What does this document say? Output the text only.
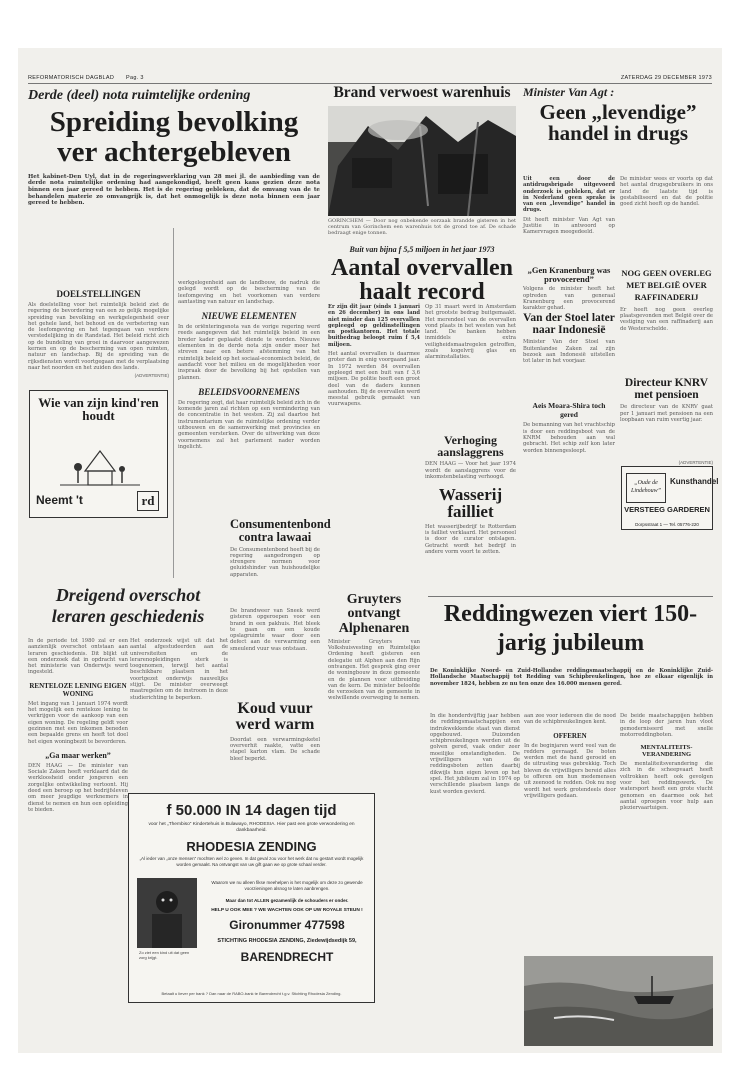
REFORMATORISCH DAGBLAD Pag. 3	ZATERDAG 29 DECEMBER 1973
Derde (deel) nota ruimtelijke ordening
Spreiding bevolking ver achtergebleven
Het kabinet-Den Uyl, dat in de regeringsverklaring van 28 mei jl. de aanbieding van de derde nota ruimtelijke ordening had aangekondigd, heeft geen kans gezien deze nota binnen een jaar gereed te hebben. Het is de regering gebleken, dat de omvang van de te behandelen materie zo omvangrijk is, dat het onmogelijk is deze nota binnen een jaar gereed te hebben.
DOELSTELLINGEN
Als doelstelling voor het ruimtelijk beleid ziet de regering de bevordering van een zo gelijk mogelijke spreiding van bevolking en werkgelegenheid over het gehele land, het behoud en de verbetering van de leefomgeving en het tegengaan van verdere verstedelijking in de Randstad. Het beleid richt zich op de bundeling van groei in daarvoor aangewezen kernen en op de bescherming van open ruimten, natuur en landschap. Bij de spreiding van de rijksdiensten wordt voortgegaan met de verplaatsing naar het noorden en het zuiden des lands.
(ADVERTENTIE)
Wie van zijn kind'ren houdt
Neemt 't	rd
werkgelegenheid aan de landbouw, de nadruk die gelegd wordt op de bescherming van de leefomgeving en het voorkomen van verdere aantasting van natuur en landschap.
NIEUWE ELEMENTEN
In de oriënteringsnota van de vorige regering werd reeds aangegeven dat het ruimtelijk beleid in een breder kader geplaatst diende te worden. Nieuwe elementen in de derde nota zijn onder meer het streven naar een betere afstemming van het ruimtelijk beleid op het sociaal-economisch beleid, de aandacht voor het milieu en de mogelijkheden voor inspraak door de bevolking bij het opstellen van plannen.
BELEIDSVOORNEMENS
De regering zegt, dat haar ruimtelijk beleid zich in de komende jaren zal richten op een vermindering van de concentratie in het westen. Zij zal daartoe het instrumentarium van de ruimtelijke ordening verder uitbouwen en de samenwerking met provincies en gemeenten versterken. Over de uitwerking van deze voornemens zal het parlement nader worden ingelicht.
Brand verwoest warenhuis
GORINCHEM — Door nog onbekende oorzaak brandde gisteren in het centrum van Gorinchem een warenhuis tot de grond toe af. De schade bedraagt enige tonnen.
Buit van bijna f 5,5 miljoen in het jaar 1973
Aantal overvallen haalt record
Er zijn dit jaar (sinds 1 januari en 26 december) in ons land niet minder dan 125 overvallen gepleegd op geldinstellingen en postkantoren. Het totale buitbedrag beloopt ruim f 5,4 miljoen.
Het aantal overvallen is daarmee groter dan in enig voorgaand jaar. In 1972 werden 84 overvallen gepleegd met een buit van f 3,6 miljoen. De politie heeft een groot deel van de daders kunnen aanhouden. Bij de overvallen werd meestal gebruik gemaakt van vuurwapens.
Op 31 maart werd in Amsterdam het grootste bedrag buitgemaakt. Het merendeel van de overvallen vond plaats in het westen van het land. De banken hebben inmiddels extra veiligheidsmaatregelen getroffen, zoals kogelvrij glas en alarminstallaties.
Verhoging aanslaggrens
DEN HAAG — Voor het jaar 1974 wordt de aanslaggrens voor de inkomstenbelasting verhoogd.
Wasserij failliet
Het wasserijbedrijf te Rotterdam is failliet verklaard. Het personeel is door de curator ontslagen. Getracht wordt het bedrijf in andere vorm voort te zetten.
Minister Van Agt :
Geen „levendige” handel in drugs
Uit een door de antidrugsbrigade uitgevoerd onderzoek is gebleken, dat er in Nederland geen sprake is van een „levendige” handel in drugs.
Dit heeft minister Van Agt van Justitie in antwoord op Kamervragen meegedeeld.
„Gen Kranenburg was provocerend”
Volgens de minister heeft het optreden van generaal Kranenburg een provocerend karakter gehad.
Van der Stoel later naar Indonesië
Minister Van der Stoel van Buitenlandse Zaken zal zijn bezoek aan Indonesië uitstellen tot later in het voorjaar.
Aeis Moara-Shira toch gered
De bemanning van het vrachtschip is door een reddingsboot van de KNRM behouden aan wal gebracht. Het schip zelf kon later worden binnengesleept.
De minister wees er voorts op dat het aantal drugsgebruikers in ons land de laatste tijd is gestabiliseerd en dat de politie goed zicht heeft op de handel.
NOG GEEN OVERLEG MET BELGIË OVER RAFFINADERIJ
Er heeft nog geen overleg plaatsgevonden met België over de vestiging van een raffinaderij aan de Westerschelde.
Directeur KNRV met pensioen
De directeur van de KNRV gaat per 1 januari met pensioen na een loopbaan van ruim veertig jaar.
(ADVERTENTIE)
„Oude de Lindehouw”
Kunsthandel
VERSTEEG GARDEREN
Dorpsstraat 1 — Tel. 05776-220
Consumentenbond contra lawaai
De Consumentenbond heeft bij de regering aangedrongen op strengere normen voor geluidshinder van huishoudelijke apparaten.
Dreigend overschot leraren geschiedenis
In de periode tot 1980 zal er een aanzienlijk overschot ontstaan aan leraren geschiedenis. Dit blijkt uit een onderzoek dat in opdracht van het ministerie van Onderwijs werd ingesteld.
RENTELOZE LENING EIGEN WONING
Met ingang van 1 januari 1974 wordt het mogelijk een renteloze lening te verkrijgen voor de aankoop van een eigen woning. De regeling geldt voor gezinnen met een inkomen beneden een bepaalde grens en heeft tot doel het eigen woningbezit te bevorderen.
„Ga maar werken”
DEN HAAG — De minister van Sociale Zaken heeft verklaard dat de werkloosheid onder jongeren een zorgelijke ontwikkeling vertoont. Hij deed een beroep op het bedrijfsleven om meer jeugdige werknemers in dienst te nemen en hun een opleiding te bieden.
Het onderzoek wijst uit dat het aantal afgestudeerden aan de universiteiten en de lerarenopleidingen sterk is toegenomen, terwijl het aantal beschikbare plaatsen in het voortgezet onderwijs nauwelijks stijgt. De minister overweegt maatregelen om de instroom in deze studierichting te beperken.
Gruyters ontvangt Alphenaren
Minister Gruyters van Volkshuisvesting en Ruimtelijke Ordening heeft gisteren een delegatie uit Alphen aan den Rijn ontvangen. Het gesprek ging over de woningbouw in deze gemeente en de plannen voor uitbreiding van de kern. De minister beloofde de verzoeken van de gemeente in welwillende overweging te nemen.
De brandweer van Sneek werd gisteren opgeroepen voor een brand in een pakhuis. Het bleek te gaan om een koude opslagruimte waar door een defect aan de verwarming een smeulend vuur was ontstaan.
Koud vuur werd warm
Doordat een verwarmingsketel oververhit raakte, vatte een stapel karton vlam. De schade bleef beperkt.
f 50.000 IN 14 dagen tijd
voor het „Thembiso” Kindertehuis in Bulawayo, RHODESIA. Hier past een grote verwondering en dankbaarheid.
RHODESIA ZENDING
„Al ieder van „onze mensen” mochten wel zo geven. In dat geval zou voor het werk dat nu gestart wordt mogelijk worden gemaakt. Na ontvangst van uw gift gaan we op grote schaal verder.
Zo ziet een kind uit dat geen zorg krijgt.
Waarom we nu alleen fikse meehelpen is het mogelijk om deze zo gewende voorzieningen alsnog te laten aanbrengen.
Maar dan tot ALLEN gezamenlijk de schouders er onder.
HELP U OOK MEE ? WE WACHTEN OOK OP UW ROYALE STEUN !
Gironummer 477598
STICHTING RHODESIA ZENDING, Ziedewijdsedijk 59,
BARENDRECHT
Betaalt u liever per bank ? Dan naar de RABO-bank te Barendrecht t.g.v. Stichting Rhodesia Zending.
Reddingwezen viert 150-jarig jubileum
De Koninklijke Noord- en Zuid-Hollandse reddingsmaatschappij en de Koninklijke Zuid-Hollandsche Maatschappij tot Redding van Schipbreukelingen, hoe ze elkaar eigenlijk in november 1824, hebben ze nu ten onze des 16.000 mensen gered.
In die honderdvijftig jaar hebben de reddingsmaatschappijen een indrukwekkende staat van dienst opgebouwd. Duizenden schipbreukelingen werden uit de golven gered, vaak onder zeer moeilijke omstandigheden. De vrijwilligers van de reddingsboten zetten daarbij dikwijls hun eigen leven op het spel. Het jubileum zal in 1974 op verschillende plaatsen langs de kust worden gevierd.
aan zee voor iedereen die de nood van de schipbreukelingen kent.
OFFEREN
In de beginjaren werd veel van de redders gevraagd. De boten werden met de hand geroeid en de uitrusting was gebrekkig. Toch bleven de vrijwilligers bereid alles te offeren om hun medemensen uit zeenood te redden. Ook nu nog wordt het werk grotendeels door vrijwilligers gedaan.
De beide maatschappijen hebben in de loop der jaren hun vloot gemoderniseerd met snelle motorreddingboten.
MENTALITEITS-VERANDERING
De mentaliteitsverandering die zich in de scheepvaart heeft voltrokken heeft ook gevolgen voor het reddingswerk. De watersport heeft een grote vlucht genomen en daarmee ook het aantal oproepen voor hulp aan pleziervaartuigen.
